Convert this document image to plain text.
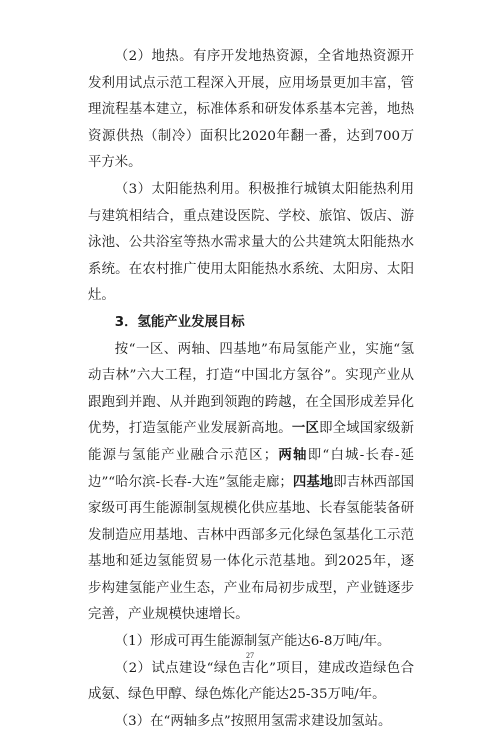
（2）地热。有序开发地热资源，全省地热资源开发利用试点示范工程深入开展，应用场景更加丰富，管理流程基本建立，标准体系和研发体系基本完善，地热资源供热（制冷）面积比2020年翻一番，达到700万平方米。

（3）太阳能热利用。积极推行城镇太阳能热利用与建筑相结合，重点建设医院、学校、旅馆、饭店、游泳池、公共浴室等热水需求量大的公共建筑太阳能热水系统。在农村推广使用太阳能热水系统、太阳房、太阳灶。

3．氢能产业发展目标

按“一区、两轴、四基地”布局氢能产业，实施“氢动吉林”六大工程，打造“中国北方氢谷”。实现产业从跟跑到并跑、从并跑到领跑的跨越，在全国形成差异化优势，打造氢能产业发展新高地。一区即全域国家级新能源与氢能产业融合示范区；两轴即“白城-长春-延边”“哈尔滨-长春-大连”氢能走廊；四基地即吉林西部国家级可再生能源制氢规模化供应基地、长春氢能装备研发制造应用基地、吉林中西部多元化绿色氢基化工示范基地和延边氢能贸易一体化示范基地。到2025年，逐步构建氢能产业生态，产业布局初步成型，产业链逐步完善，产业规模快速增长。

（1）形成可再生能源制氢产能达6-8万吨/年。

（2）试点建设“绿色吉化”项目，建成改造绿色合成氨、绿色甲醇、绿色炼化产能达25-35万吨/年。

（3）在“两轴多点”按照用氢需求建设加氢站。

27
